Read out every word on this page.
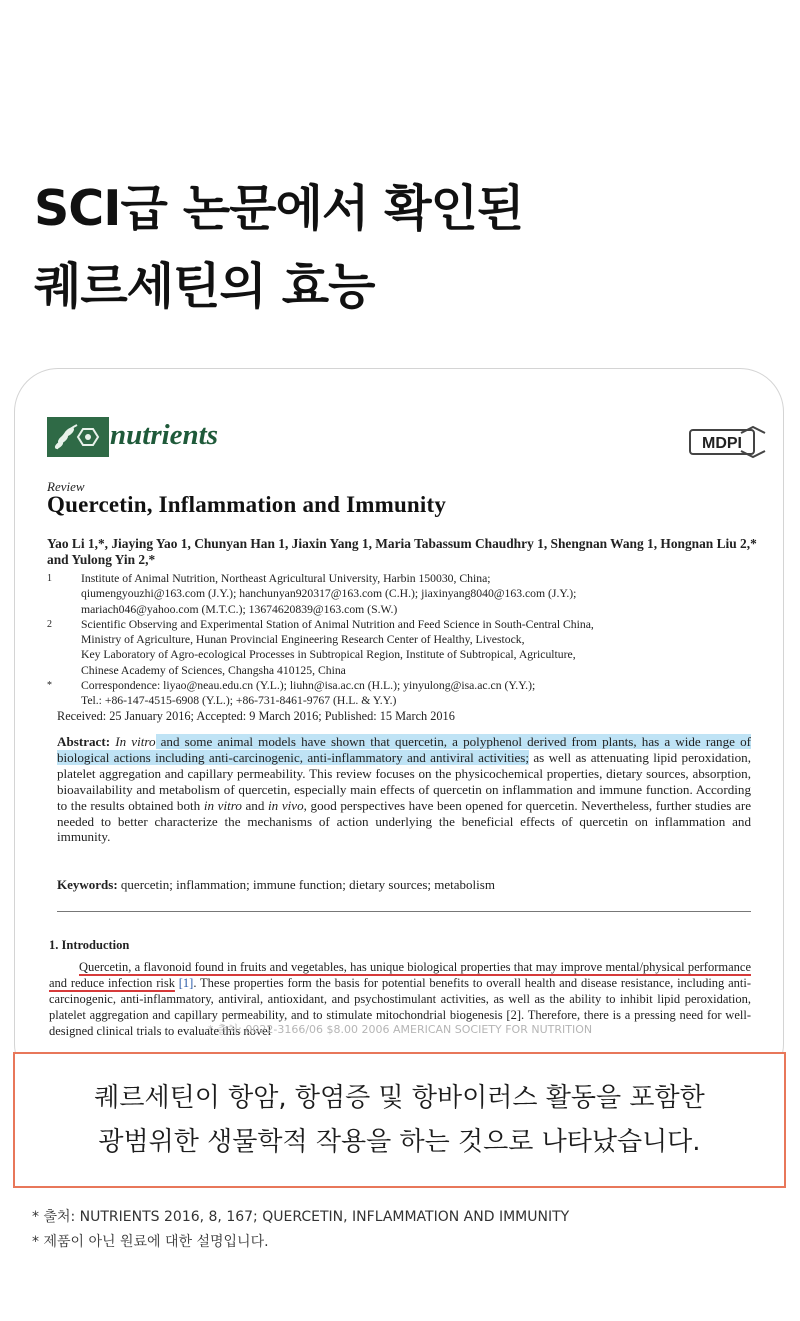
SCI급 논문에서 확인된
퀘르세틴의 효능
nutrients	MDPI
Review
Quercetin, Inflammation and Immunity
Yao Li 1,*, Jiaying Yao 1, Chunyan Han 1, Jiaxin Yang 1, Maria Tabassum Chaudhry 1, Shengnan Wang 1, Hongnan Liu 2,* and Yulong Yin 2,*
1	Institute of Animal Nutrition, Northeast Agricultural University, Harbin 150030, China;
qiumengyouzhi@163.com (J.Y.); hanchunyan920317@163.com (C.H.); jiaxinyang8040@163.com (J.Y.);
mariach046@yahoo.com (M.T.C.); 13674620839@163.com (S.W.)
2	Scientific Observing and Experimental Station of Animal Nutrition and Feed Science in South-Central China,
Ministry of Agriculture, Hunan Provincial Engineering Research Center of Healthy, Livestock,
Key Laboratory of Agro-ecological Processes in Subtropical Region, Institute of Subtropical, Agriculture,
Chinese Academy of Sciences, Changsha 410125, China
*	Correspondence: liyao@neau.edu.cn (Y.L.); liuhn@isa.ac.cn (H.L.); yinyulong@isa.ac.cn (Y.Y.);
Tel.: +86-147-4515-6908 (Y.L.); +86-731-8461-9767 (H.L. & Y.Y.)
Received: 25 January 2016; Accepted: 9 March 2016; Published: 15 March 2016
Abstract: In vitro and some animal models have shown that quercetin, a polyphenol derived from plants, has a wide range of biological actions including anti-carcinogenic, anti-inflammatory and antiviral activities; as well as attenuating lipid peroxidation, platelet aggregation and capillary permeability. This review focuses on the physicochemical properties, dietary sources, absorption, bioavailability and metabolism of quercetin, especially main effects of quercetin on inflammation and immune function. According to the results obtained both in vitro and in vivo, good perspectives have been opened for quercetin. Nevertheless, further studies are needed to better characterize the mechanisms of action underlying the beneficial effects of quercetin on inflammation and immunity.
Keywords: quercetin; inflammation; immune function; dietary sources; metabolism
1. Introduction
Quercetin, a flavonoid found in fruits and vegetables, has unique biological properties that may improve mental/physical performance and reduce infection risk [1]. These properties form the basis for potential benefits to overall health and disease resistance, including anti-carcinogenic, anti-inflammatory, antiviral, antioxidant, and psychostimulant activities, as well as the ability to inhibit lipid peroxidation, platelet aggregation and capillary permeability, and to stimulate mitochondrial biogenesis [2]. Therefore, there is a pressing need for well-designed clinical trials to evaluate this novel
* 출처: 0022-3166/06 $8.00 2006 AMERICAN SOCIETY FOR NUTRITION
퀘르세틴이 항암, 항염증 및 항바이러스 활동을 포함한
광범위한 생물학적 작용을 하는 것으로 나타났습니다.
* 출처: NUTRIENTS 2016, 8, 167; QUERCETIN, INFLAMMATION AND IMMUNITY
* 제품이 아닌 원료에 대한 설명입니다.
